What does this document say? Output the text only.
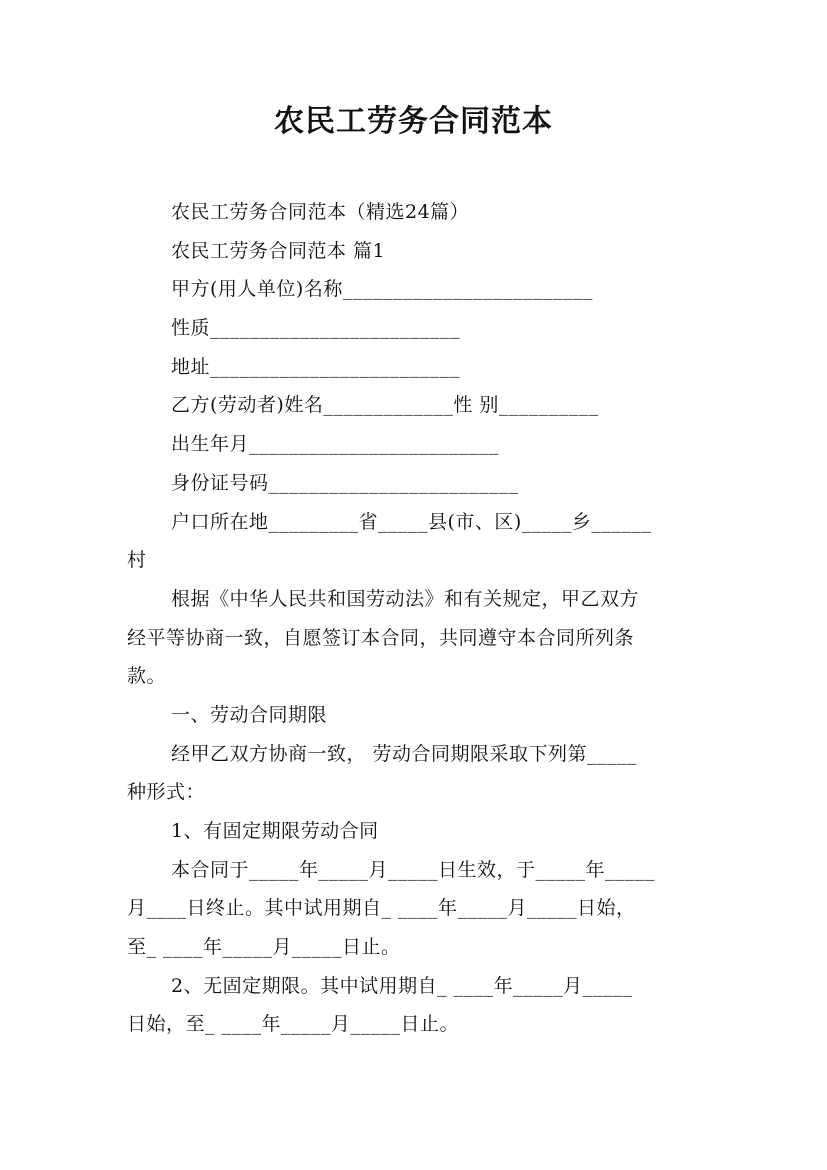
农民工劳务合同范本
农民工劳务合同范本（精选24篇）
农民工劳务合同范本 篇1
甲方(用人单位)名称_________________________
性质_________________________
地址_________________________
乙方(劳动者)姓名_____________性 别__________
出生年月_________________________
身份证号码_________________________
户口所在地_________省_____县(市、区)_____乡______
村
根据《中华人民共和国劳动法》和有关规定，甲乙双方
经平等协商一致，自愿签订本合同，共同遵守本合同所列条
款。
一、劳动合同期限
经甲乙双方协商一致， 劳动合同期限采取下列第_____
种形式：
1、有固定期限劳动合同
本合同于_____年_____月_____日生效，于_____年_____
月____日终止。其中试用期自_ ____年_____月_____日始，
至_ ____年_____月_____日止。
2、无固定期限。其中试用期自_ ____年_____月_____
日始，至_ ____年_____月_____日止。
